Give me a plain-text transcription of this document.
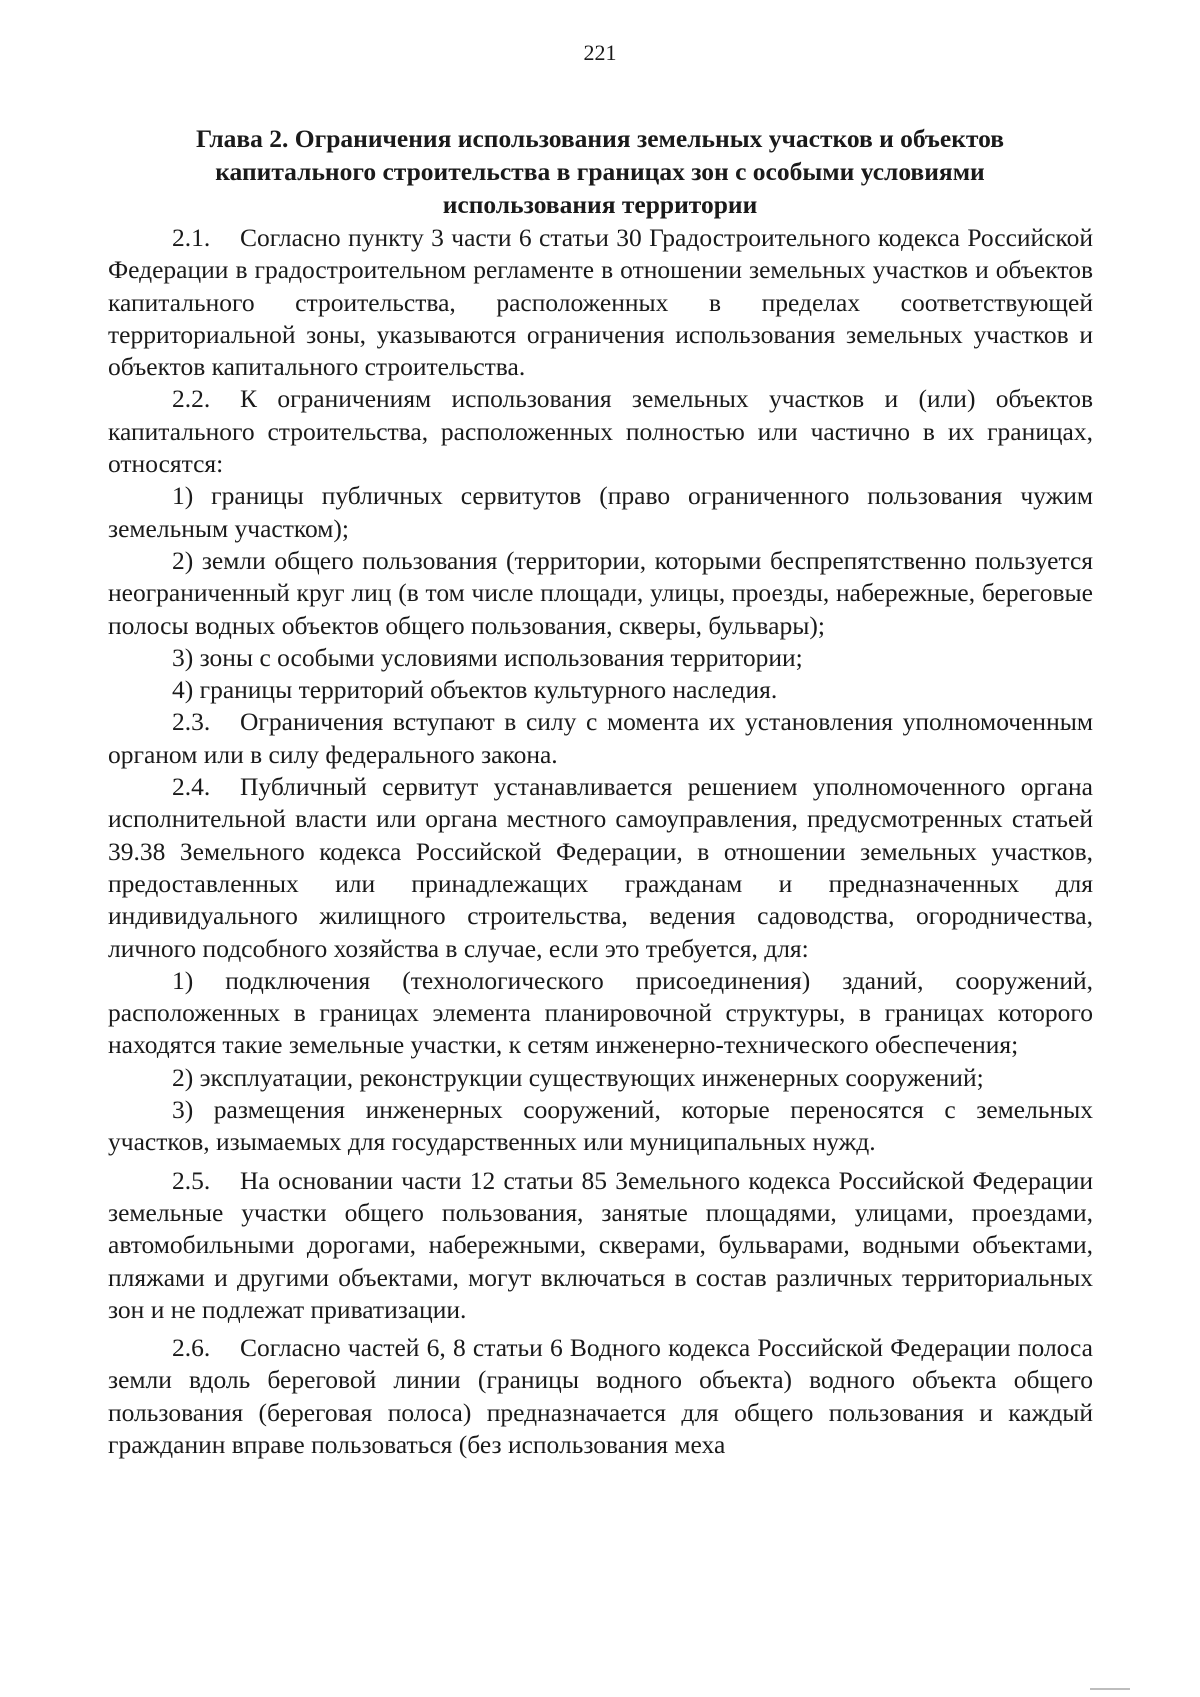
221
Глава 2. Ограничения использования земельных участков и объектов капитального строительства в границах зон с особыми условиями использования территории

2.1. Согласно пункту 3 части 6 статьи 30 Градостроительного кодекса Российской Федерации в градостроительном регламенте в отношении земельных участков и объектов капитального строительства, расположенных в пределах соответствующей территориальной зоны, указываются ограничения использования земельных участков и объектов капитального строительства.

2.2. К ограничениям использования земельных участков и (или) объектов капитального строительства, расположенных полностью или частично в их границах, относятся:

1) границы публичных сервитутов (право ограниченного пользования чужим земельным участком);

2) земли общего пользования (территории, которыми беспрепятственно пользуется неограниченный круг лиц (в том числе площади, улицы, проезды, набережные, береговые полосы водных объектов общего пользования, скверы, бульвары);

3) зоны с особыми условиями использования территории;

4) границы территорий объектов культурного наследия.

2.3. Ограничения вступают в силу с момента их установления уполномоченным органом или в силу федерального закона.

2.4. Публичный сервитут устанавливается решением уполномоченного органа исполнительной власти или органа местного самоуправления, предусмотренных статьей 39.38 Земельного кодекса Российской Федерации, в отношении земельных участков, предоставленных или принадлежащих гражданам и предназначенных для индивидуального жилищного строительства, ведения садоводства, огородничества, личного подсобного хозяйства в случае, если это требуется, для:

1) подключения (технологического присоединения) зданий, сооружений, расположенных в границах элемента планировочной структуры, в границах которого находятся такие земельные участки, к сетям инженерно-технического обеспечения;

2) эксплуатации, реконструкции существующих инженерных сооружений;

3) размещения инженерных сооружений, которые переносятся с земельных участков, изымаемых для государственных или муниципальных нужд.

2.5. На основании части 12 статьи 85 Земельного кодекса Российской Федерации земельные участки общего пользования, занятые площадями, улицами, проездами, автомобильными дорогами, набережными, скверами, бульварами, водными объектами, пляжами и другими объектами, могут включаться в состав различных территориальных зон и не подлежат приватизации.

2.6. Согласно частей 6, 8 статьи 6 Водного кодекса Российской Федерации полоса земли вдоль береговой линии (границы водного объекта) водного объекта общего пользования (береговая полоса) предназначается для общего пользования и каждый гражданин вправе пользоваться (без использования меха
